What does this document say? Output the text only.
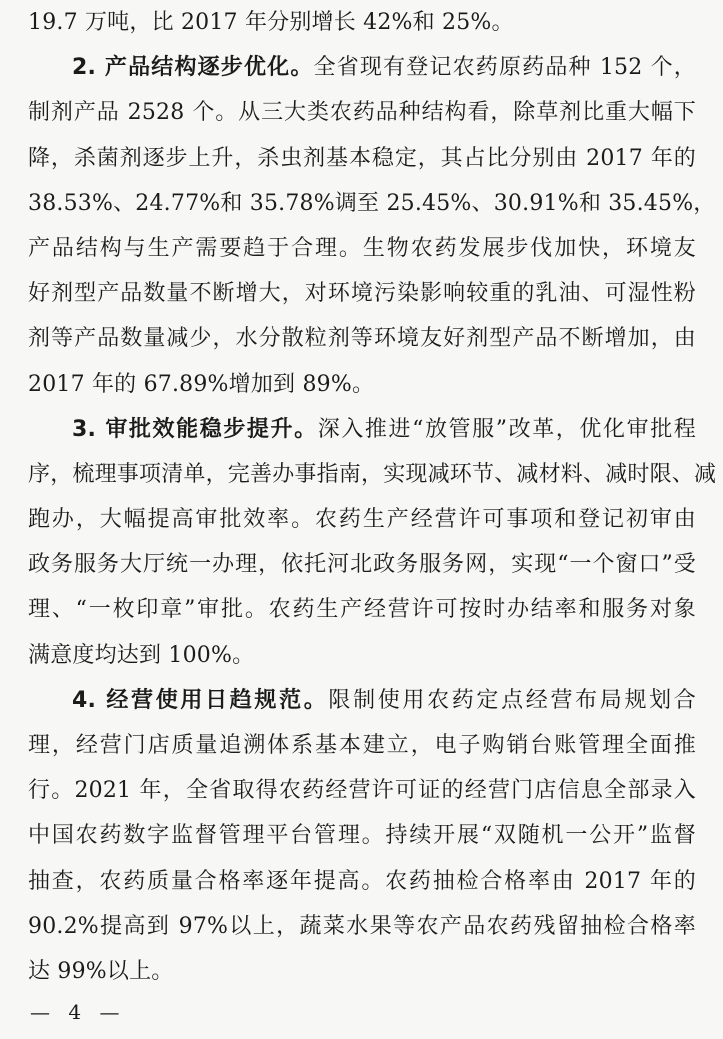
19.7 万吨，比 2017 年分别增长 42%和 25%。
2. 产品结构逐步优化。全省现有登记农药原药品种 152 个，
制剂产品 2528 个。从三大类农药品种结构看，除草剂比重大幅下
降，杀菌剂逐步上升，杀虫剂基本稳定，其占比分别由 2017 年的
38.53%、24.77%和 35.78%调至 25.45%、30.91%和 35.45%，
产品结构与生产需要趋于合理。生物农药发展步伐加快，环境友
好剂型产品数量不断增大，对环境污染影响较重的乳油、可湿性粉
剂等产品数量减少，水分散粒剂等环境友好剂型产品不断增加，由
2017 年的 67.89%增加到 89%。
3. 审批效能稳步提升。深入推进“放管服”改革，优化审批程
序，梳理事项清单，完善办事指南，实现减环节、减材料、减时限、减
跑办，大幅提高审批效率。农药生产经营许可事项和登记初审由
政务服务大厅统一办理，依托河北政务服务网，实现“一个窗口”受
理、“一枚印章”审批。农药生产经营许可按时办结率和服务对象
满意度均达到 100%。
4. 经营使用日趋规范。限制使用农药定点经营布局规划合
理，经营门店质量追溯体系基本建立，电子购销台账管理全面推
行。2021 年，全省取得农药经营许可证的经营门店信息全部录入
中国农药数字监督管理平台管理。持续开展“双随机一公开”监督
抽查，农药质量合格率逐年提高。农药抽检合格率由 2017 年的
90.2%提高到 97%以上，蔬菜水果等农产品农药残留抽检合格率
达 99%以上。
— 4 —
